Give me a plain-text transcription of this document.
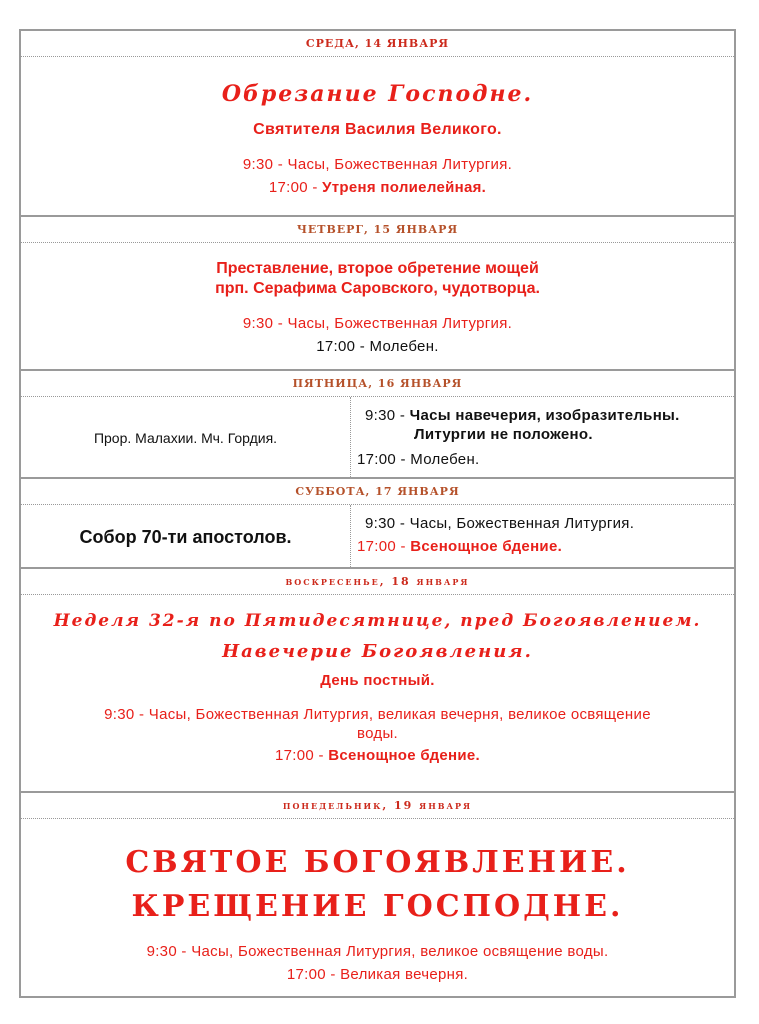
СРЕДА, 14 ЯНВАРЯ
Обрезание Господне.
Святителя Василия Великого.
9:30 - Часы, Божественная Литургия.
17:00 - Утреня полиелейная.
ЧЕТВЕРГ, 15 ЯНВАРЯ
Преставление, второе обретение мощей
прп. Серафима Саровского, чудотворца.
9:30 - Часы, Божественная Литургия.
17:00 - Молебен.
ПЯТНИЦА, 16 ЯНВАРЯ
Прор. Малахии. Мч. Гордия.
9:30 - Часы навечерия, изобразительны.
Литургии не положено.
17:00 - Молебен.
СУББОТА, 17 ЯНВАРЯ
Собор 70-ти апостолов.
9:30 - Часы, Божественная Литургия.
17:00 - Всенощное бдение.
воскресенье, 18 января
Неделя 32-я по Пятидесятнице, пред Богоявлением.
Навечерие Богоявления.
День постный.
9:30 - Часы, Божественная Литургия, великая вечерня, великое освящение
воды.
17:00 - Всенощное бдение.
понедельник, 19 января
СВЯТОЕ БОГОЯВЛЕНИЕ.
КРЕЩЕНИЕ ГОСПОДНЕ.
9:30 - Часы, Божественная Литургия, великое освящение воды.
17:00 - Великая вечерня.
